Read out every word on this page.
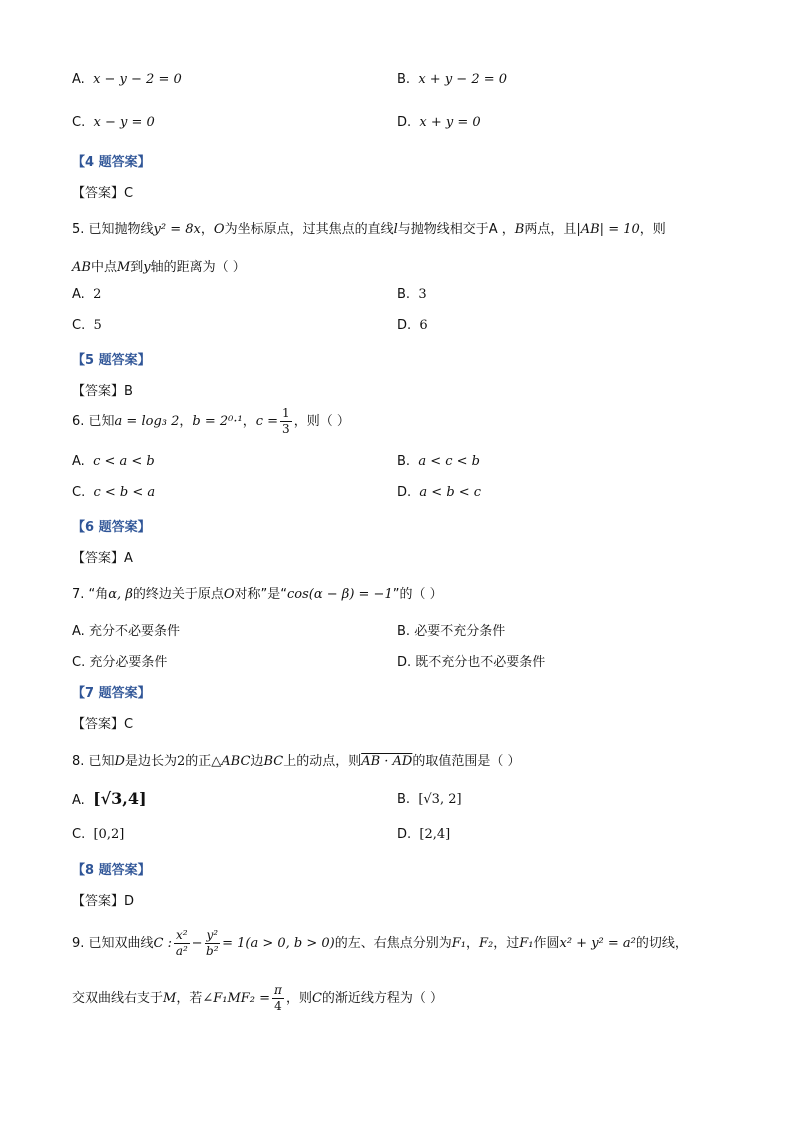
A. x − y − 2 = 0	B. x + y − 2 = 0
C. x − y = 0	D. x + y = 0
【4 题答案】
【答案】C
5. 已知抛物线y² = 8x，O为坐标原点，过其焦点的直线l与抛物线相交于A ，B两点，且|AB| = 10，则
AB中点M到y轴的距离为（ ）
A. 2	B. 3
C. 5	D. 6
【5 题答案】
【答案】B
6. 已知a = log₃ 2，b = 2⁰·¹，$c = \frac{1}{3}$ ，则（ ）
A. c < a < b	B. a < c < b
C. c < b < a	D. a < b < c
【6 题答案】
【答案】A
7. “角α, β的终边关于原点O对称”是“cos(α − β) = −1”的（ ）
A. 充分不必要条件	B. 必要不充分条件
C. 充分必要条件	D. 既不充分也不必要条件
【7 题答案】
【答案】C
8. 已知D是边长为2的正△ABC边BC上的动点，则AB · AD的取值范围是（ ）
A. [√3,4]	B. [√3, 2]
C. [0,2]	D. [2,4]
【8 题答案】
【答案】D
9. 已知双曲线C : $\frac{\text{x²}}{\text{a²}} - \frac{\text{y²}}{\text{b²}} = 1(a > 0$, b > 0)的左、右焦点分别为F₁，F₂，过F₁作圆x² + y² = a²的切线，
交双曲线右支于M，若∠F₁MF₂ = $\frac{\pi}{4}$ ，则C的渐近线方程为（ ）
